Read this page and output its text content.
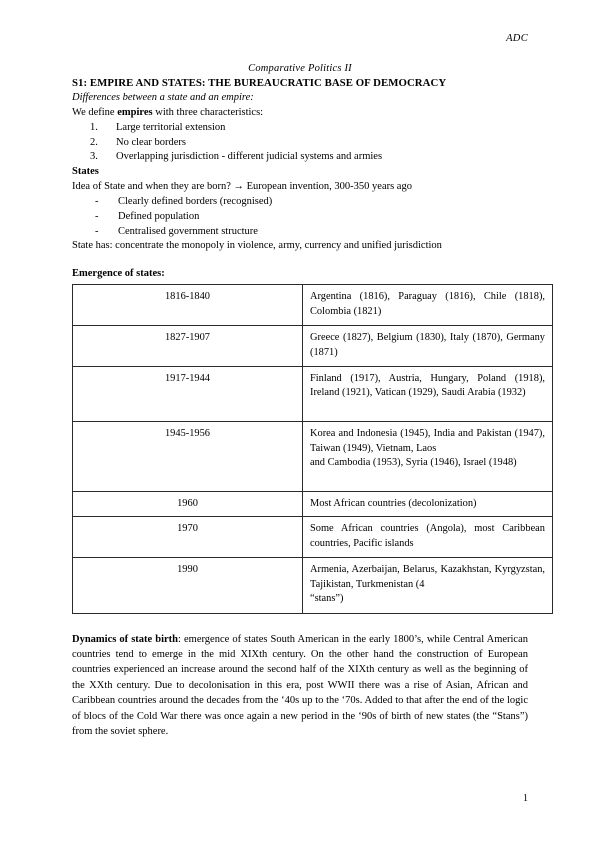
ADC

Comparative Politics II

S1: EMPIRE AND STATES: THE BUREAUCRATIC BASE OF DEMOCRACY

Differences between a state and an empire:

We define empires with three characteristics:

1.	Large territorial extension
2.	No clear borders
3.	Overlapping jurisdiction - different judicial systems and armies

States

Idea of State and when they are born? → European invention, 300-350 years ago

- Clearly defined borders (recognised)
- Defined population
- Centralised government structure

State has: concentrate the monopoly in violence, army, currency and unified jurisdiction

Emergence of states:

1816-1840	Argentina (1816), Paraguay (1816), Chile (1818), Colombia (1821)
1827-1907	Greece (1827), Belgium (1830), Italy (1870), Germany (1871)
1917-1944	Finland (1917), Austria, Hungary, Poland (1918), Ireland (1921), Vatican (1929), Saudi Arabia (1932)
1945-1956	Korea and Indonesia (1945), India and Pakistan (1947), Taiwan (1949), Vietnam, Laos
and Cambodia (1953), Syria (1946), Israel (1948)
1960	Most African countries (decolonization)
1970	Some African countries (Angola), most Caribbean countries, Pacific islands
1990	Armenia, Azerbaijan, Belarus, Kazakhstan, Kyrgyzstan, Tajikistan, Turkmenistan (4
“stans”)

Dynamics of state birth: emergence of states South American in the early 1800’s, while Central American countries tend to emerge in the mid XIXth century. On the other hand the construction of European countries experienced an increase around the second half of the XIXth century as well as the beginning of the XXth century. Due to decolonisation in this era, post WWII there was a rise of Asian, African and Caribbean countries around the decades from the ‘40s up to the ‘70s. Added to that after the end of the logic of blocs of the Cold War there was once again a new period in the ‘90s of birth of new states (the “Stans”) from the soviet sphere.

1
